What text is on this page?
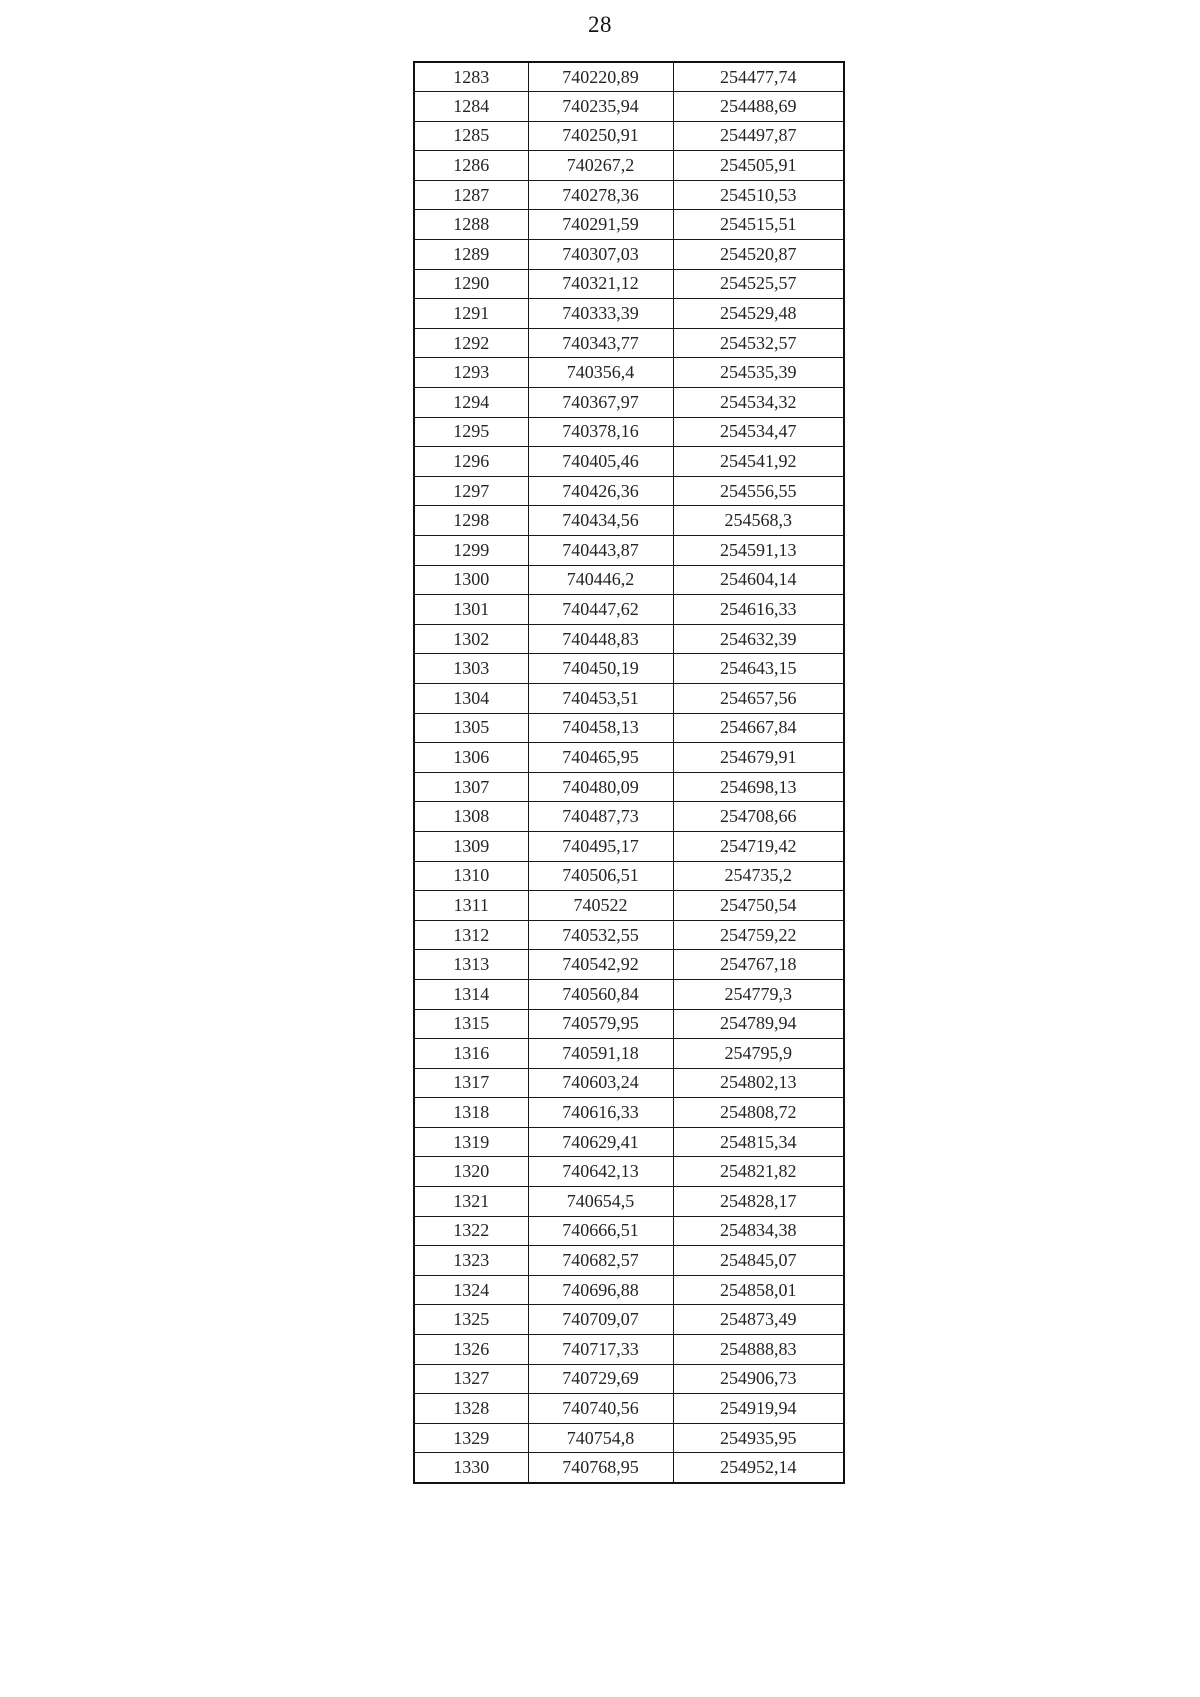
28
1283	740220,89	254477,74
1284	740235,94	254488,69
1285	740250,91	254497,87
1286	740267,2	254505,91
1287	740278,36	254510,53
1288	740291,59	254515,51
1289	740307,03	254520,87
1290	740321,12	254525,57
1291	740333,39	254529,48
1292	740343,77	254532,57
1293	740356,4	254535,39
1294	740367,97	254534,32
1295	740378,16	254534,47
1296	740405,46	254541,92
1297	740426,36	254556,55
1298	740434,56	254568,3
1299	740443,87	254591,13
1300	740446,2	254604,14
1301	740447,62	254616,33
1302	740448,83	254632,39
1303	740450,19	254643,15
1304	740453,51	254657,56
1305	740458,13	254667,84
1306	740465,95	254679,91
1307	740480,09	254698,13
1308	740487,73	254708,66
1309	740495,17	254719,42
1310	740506,51	254735,2
1311	740522	254750,54
1312	740532,55	254759,22
1313	740542,92	254767,18
1314	740560,84	254779,3
1315	740579,95	254789,94
1316	740591,18	254795,9
1317	740603,24	254802,13
1318	740616,33	254808,72
1319	740629,41	254815,34
1320	740642,13	254821,82
1321	740654,5	254828,17
1322	740666,51	254834,38
1323	740682,57	254845,07
1324	740696,88	254858,01
1325	740709,07	254873,49
1326	740717,33	254888,83
1327	740729,69	254906,73
1328	740740,56	254919,94
1329	740754,8	254935,95
1330	740768,95	254952,14
